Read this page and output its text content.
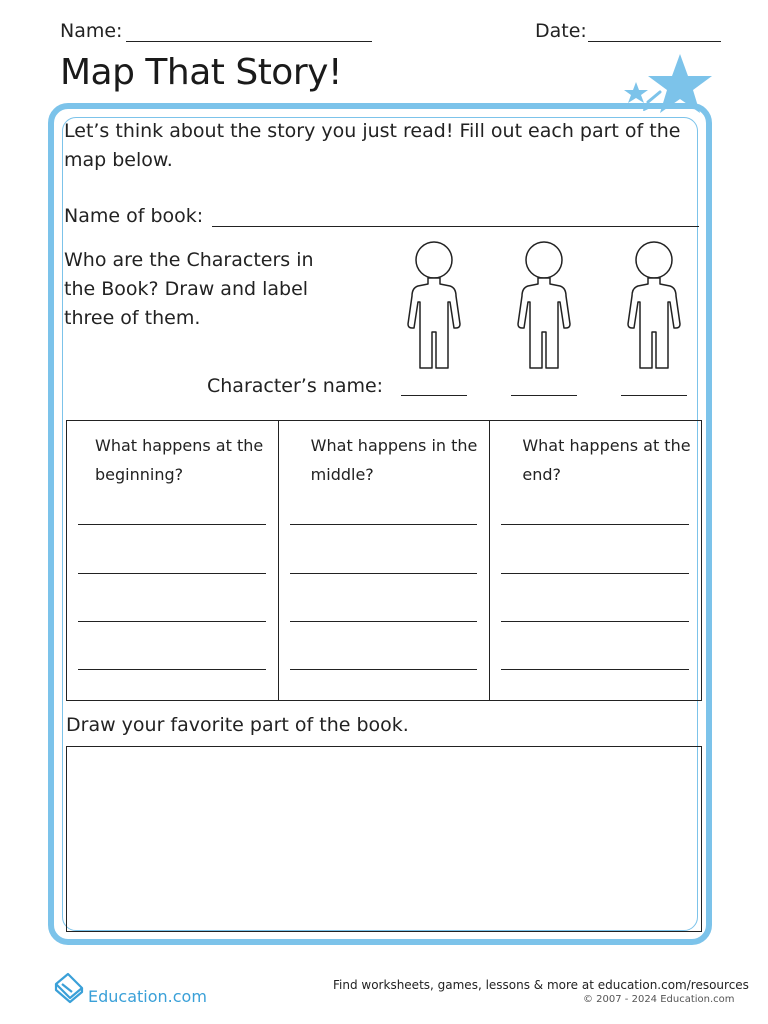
Name:	Date:
Map That Story!
Let’s think about the story you just read! Fill out each part of the map below.
Name of book:
Who are the Characters in the Book? Draw and label three of them.
Character’s name:
What happens at the beginning?
What happens in the middle?
What happens at the end?
Draw your favorite part of the book.
Education.com
Find worksheets, games, lessons & more at education.com/resources
© 2007 - 2024 Education.com
